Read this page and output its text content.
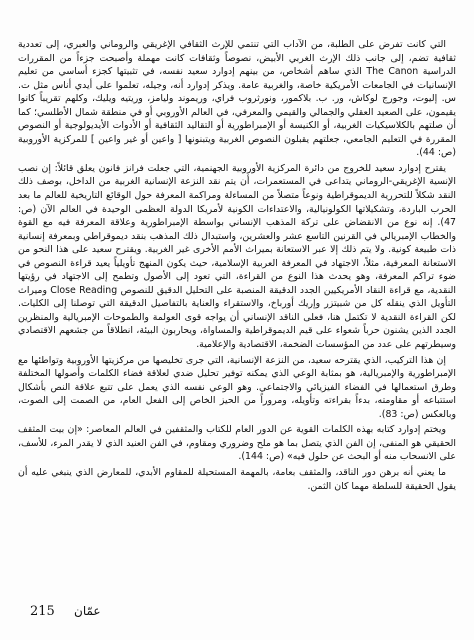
التي كانت تفرض على الطلبة، من الآداب التي تنتمي للإرث الثقافي الإغريقي والروماني والعبري، إلى تعددية ثقافية تضم، إلى جانب ذلك الإرث الغربي الأبيض، نصوصاً وثقافات كانت مهملة وأصبحت جزءاً من المقررات الدراسية The Canon الذي ساهم أشخاص، من بينهم إدوارد سعيد نفسه، في تثبيتها كجزء أساسي من تعليم الإنسانيات في الجامعات الأمريكية خاصة، والغربية عامة. ويذكر إدوارد أنه، وجيله، تعلموا على أيدي أناس مثل ت. س. إليوت، وجورج لوكاش، ور. ب. بلاكمور، ونورثروب فراي، وريموند وليامز، وريتيه ويليك، وكلهم تقريباً كانوا يقيمون، على الصعيد العقلي والجمالي والقيمي والمعرفي، في العالم الأوروبي أو في منطقة شمال الأطلسي؛ كما أن صلتهم بالكلاسيكيات الغربية، أو الكنيسة أو الإمبراطورية أو التقاليد الثقافية أو الأدوات الأيديولوجية أو النصوص المقررة في التعليم الجامعي، جعلتهم يقبلون النصوص الغربية ويتبنونها [ واعين أو غير واعين ] للمركزية الأوروبية (ص: 44).

يقترح إدوارد سعيد للخروج من دائرة المركزية الأوروبية الجهنمية، التي جعلت فرانز فانون يعلق قائلاً: إن نصب الإنسية الإغريقي-الروماني يتداعى في المستعمرات، أن يتم نقد النزعة الإنسانية الغربية من الداخل، بوصف ذلك النقد شكلاً للتحررية الديموقراطية ونوعاً متصلاً من المساءلة ومراكمة المعرفة حول الوقائع التاريخية للعالم ما بعد الحرب الباردة، وتشكيلاتها الكولونيالية، والاعتداءات الكونية لأمريكا الدولة العظمى الوحيدة في العالم الآن (ص: 47). إنه نوع من الانقضاض على تركة المذهب الإنساني بواسطة الإمبراطورية وعلاقة المعرفة فيه مع القوة والخطاب الإمبريالي في القرنين التاسع عشر والعشرين، واستبدال ذلك المذهب بنقد ديموقراطي وبمعرفة إنسانية ذات طبيعة كونية. ولا يتم ذلك إلا عبر الاستعانة بميراث الأمم الأخرى غير الغربية. ويقترح سعيد على هذا النحو من الاستعانة المعرفية، مثلاً، الاجتهاد في المعرفة العربية الإسلامية، حيث يكون المنهج تأويلياً يعيد قراءة النصوص في ضوء تراكم المعرفة، وهو يحدث هذا النوع من القراءة، التي تعود إلى الأصول وتطمح إلى الاجتهاد في رؤيتها النقدية، مع قراءة النقاد الأمريكيين الجدد الدقيقة المنصبة على التحليل الدقيق للنصوص Close Reading وميراث التأويل الذي ينقله كل من شبيتزر وإريك أورباخ، والاستقراء والعناية بالتفاصيل الدقيقة التي توصلنا إلى الكليات. لكن القراءة النقدية لا تكتمل هنا، فعلى الناقد الإنساني أن يواجه قوى العولمة والطموحات الإمبريالية والمنظرين الجدد الذين يشنون حرباً شعواء على قيم الديموقراطية والمساواة، ويحاربون البيئة، انطلاقاً من جشعهم الاقتصادي وسيطرتهم على عدد من المؤسسات الضخمة، الاقتصادية والإعلامية.

إن هذا التركيب، الذي يقترحه سعيد، من النزعة الإنسانية، التي جرى تخليصها من مركزيتها الأوروبية وتواطئها مع الإمبراطورية والإمبريالية، هو بمثابة الوعي الذي يمكنه توفير تحليل ضدي لعلاقة فضاء الكلمات وأصولها المختلفة وطرق استعمالها في الفضاء الفيزيائي والاجتماعي. وهو الوعي نفسه الذي يعمل على تتبع علاقة النص بأشكال استتباعه أو مقاومته، بدءاً بقراءته وتأويله، ومروراً من الحيز الخاص إلى الفعل العام، من الصمت إلى الصوت، وبالعكس (ص: 83).

ويختم إدوارد كتابه بهذه الكلمات القوية عن الدور العام للكتاب والمثقفين في العالم المعاصر: «إن بيت المثقف الحقيقي هو المنفى، إن الفن الذي يتصل بما هو ملح وضروري ومقاوم، في الفن العنيد الذي لا يقدر المرء، للأسف، على الانسحاب منه أو البحث عن حلول فيه» (ص: 144).

ما يعني أنه برهن دور الناقد، والمثقف بعامة، بالمهمة المستحيلة للمقاوم الأبدي، للمعارض الذي ينبغي عليه أن يقول الحقيقة للسلطة مهما كان الثمن.

215 عمّان
